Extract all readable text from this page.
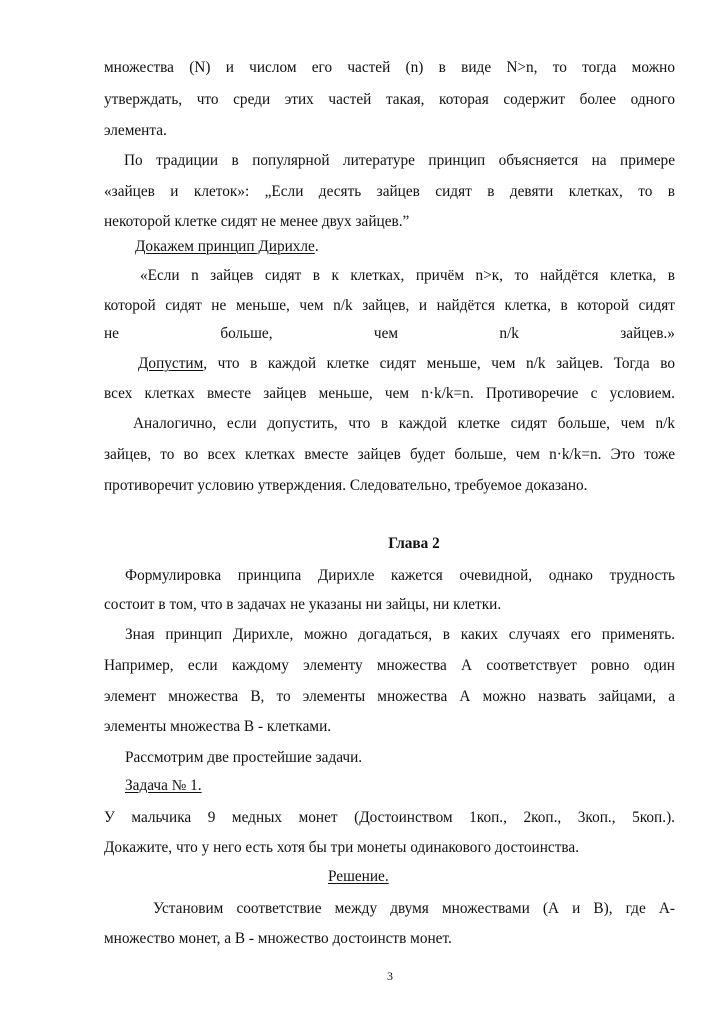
множества (N) и числом его частей (n) в виде N>n, то тогда можно
утверждать, что среди этих частей такая, которая содержит более одного
элемента.
По традиции в популярной литературе принцип объясняется на примере
«зайцев и клеток»: „Если десять зайцев сидят в девяти клетках, то в
некоторой клетке сидят не менее двух зайцев.”
Докажем принцип Дирихле.
«Если n зайцев сидят в к клетках, причём n>к, то найдётся клетка, в
которой сидят не меньше, чем n/k зайцев, и найдётся клетка, в которой сидят
не	больше,	чем	n/k	зайцев.»
Допустим, что в каждой клетке сидят меньше, чем n/k зайцев. Тогда во
всех клетках вместе зайцев меньше, чем n·k/k=n. Противоречие с условием.
Аналогично, если допустить, что в каждой клетке сидят больше, чем n/k
зайцев, то во всех клетках вместе зайцев будет больше, чем n·k/k=n. Это тоже
противоречит условию утверждения. Следовательно, требуемое доказано.
Глава 2
Формулировка принципа Дирихле кажется очевидной, однако трудность
состоит в том, что в задачах не указаны ни зайцы, ни клетки.
Зная принцип Дирихле, можно догадаться, в каких случаях его применять.
Например, если каждому элементу множества А соответствует ровно один
элемент множества В, то элементы множества А можно назвать зайцами, а
элементы множества В - клетками.
Рассмотрим две простейшие задачи.
Задача № 1.
У мальчика 9 медных монет (Достоинством 1коп., 2коп., 3коп., 5коп.).
Докажите, что у него есть хотя бы три монеты одинакового достоинства.
Решение.
Установим соответствие между двумя множествами (А и В), где А-
множество монет, а В - множество достоинств монет.
3
